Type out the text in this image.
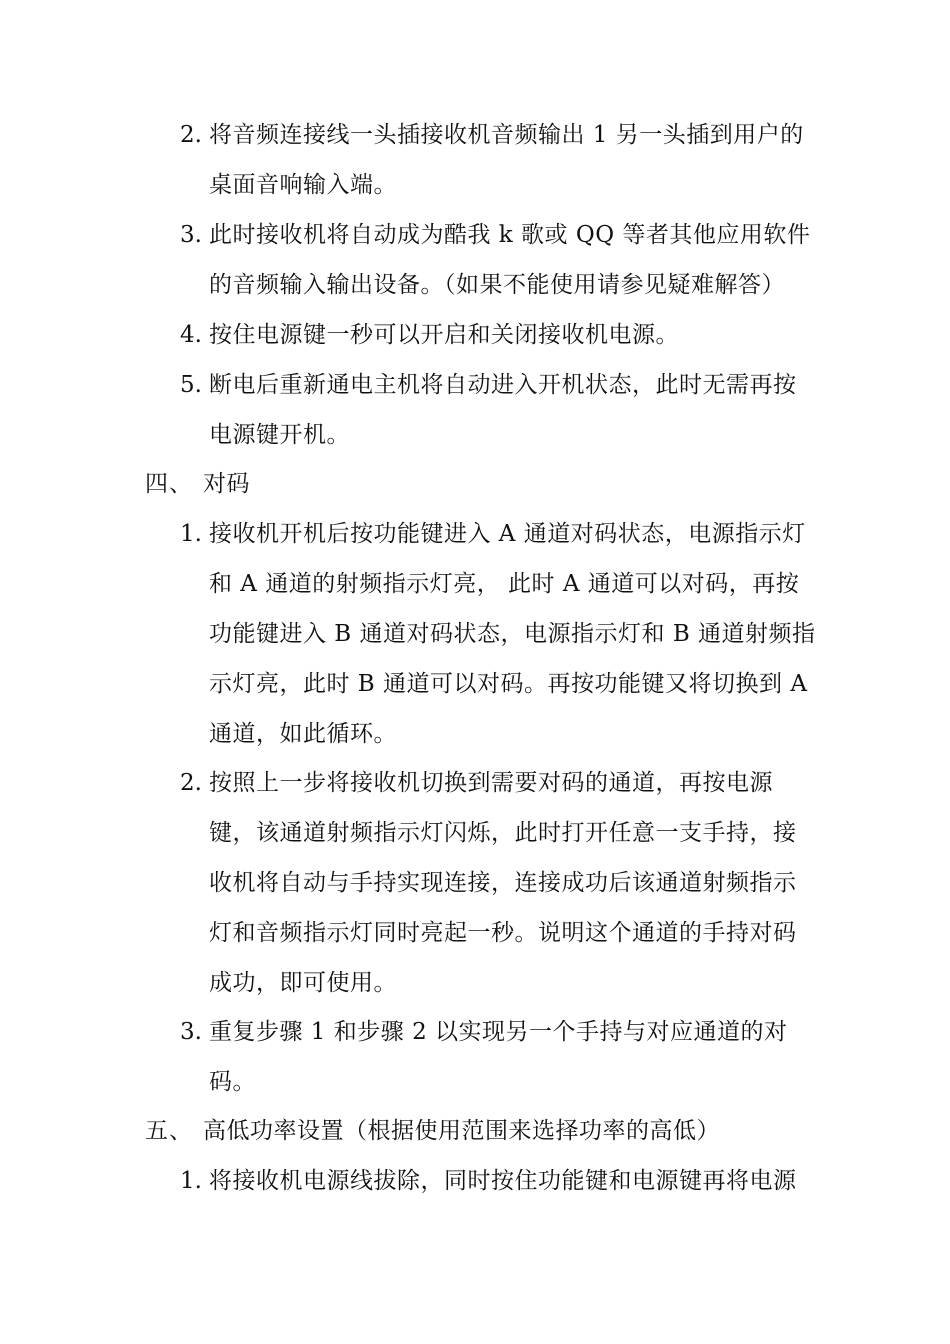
2. 将音频连接线一头插接收机音频输出 1 另一头插到用户的
桌面音响输入端。
3. 此时接收机将自动成为酷我 k 歌或 QQ 等者其他应用软件
的音频输入输出设备。（如果不能使用请参见疑难解答）
4. 按住电源键一秒可以开启和关闭接收机电源。
5. 断电后重新通电主机将自动进入开机状态，此时无需再按
电源键开机。
四、 对码
1. 接收机开机后按功能键进入 A 通道对码状态，电源指示灯
和 A 通道的射频指示灯亮， 此时 A 通道可以对码，再按
功能键进入 B 通道对码状态，电源指示灯和 B 通道射频指
示灯亮，此时 B 通道可以对码。再按功能键又将切换到 A
通道，如此循环。
2. 按照上一步将接收机切换到需要对码的通道，再按电源
键，该通道射频指示灯闪烁，此时打开任意一支手持，接
收机将自动与手持实现连接，连接成功后该通道射频指示
灯和音频指示灯同时亮起一秒。说明这个通道的手持对码
成功，即可使用。
3. 重复步骤 1 和步骤 2 以实现另一个手持与对应通道的对
码。
五、 高低功率设置（根据使用范围来选择功率的高低）
1. 将接收机电源线拔除，同时按住功能键和电源键再将电源
